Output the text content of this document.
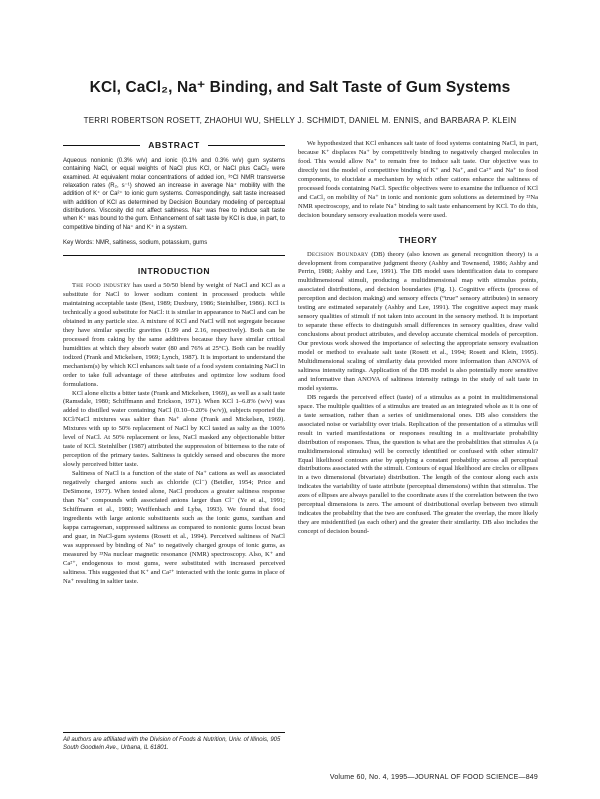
KCl, CaCl₂, Na⁺ Binding, and Salt Taste of Gum Systems
TERRI ROBERTSON ROSETT, ZHAOHUI WU, SHELLY J. SCHMIDT, DANIEL M. ENNIS, and BARBARA P. KLEIN
ABSTRACT

Aqueous nonionic (0.3% w/v) and ionic (0.1% and 0.3% w/v) gum systems containing NaCl, or equal weights of NaCl plus KCl, or NaCl plus CaCl₂ were examined. At equivalent molar concentrations of added ion, ³⁵Cl NMR transverse relaxation rates (R₂, s⁻¹) showed an increase in average Na⁺ mobility with the addition of K⁺ or Ca²⁺ to ionic gum systems. Correspondingly, salt taste increased with addition of KCl as determined by Decision Boundary modeling of perceptual distributions. Viscosity did not affect saltiness. Na⁺ was free to induce salt taste when K⁺ was bound to the gum. Enhancement of salt taste by KCl is due, in part, to competitive binding of Na⁺ and K⁺ in a system.

Key Words: NMR, saltiness, sodium, potassium, gums

INTRODUCTION

The food industry has used a 50/50 blend by weight of NaCl and KCl as a substitute for NaCl to lower sodium content in processed products while maintaining acceptable taste (Best, 1989; Duxbury, 1986; Steinhilber, 1986). KCl is technically a good substitute for NaCl: it is similar in appearance to NaCl and can be obtained in any particle size. A mixture of KCl and NaCl will not segregate because they have similar specific gravities (1.99 and 2.16, respectively). Both can be processed from caking by the same additives because they have similar critical humidities at which they absorb water (80 and 76% at 25°C). Both can be readily iodized (Frank and Mickelsen, 1969; Lynch, 1987). It is important to understand the mechanism(s) by which KCl enhances salt taste of a food system containing NaCl in order to take full advantage of these attributes and optimize low sodium food formulations.

KCl alone elicits a bitter taste (Frank and Mickelsen, 1969), as well as a salt taste (Ramsdale, 1980; Schiffmann and Erickson, 1971). When KCl 1–6.8% (w/v) was added to distilled water containing NaCl (0.10–0.20% (w/v)), subjects reported the KCl/NaCl mixtures was saltier than Na⁺ alone (Frank and Mickelsen, 1969). Mixtures with up to 50% replacement of NaCl by KCl tasted as salty as the 100% level of NaCl. At 50% replacement or less, NaCl masked any objectionable bitter taste of KCl. Steinhilber (1987) attributed the suppression of bitterness to the rate of perception of the primary tastes. Saltiness is quickly sensed and obscures the more slowly perceived bitter taste.

Saltiness of NaCl is a function of the state of Na⁺ cations as well as associated negatively charged anions such as chloride (Cl⁻) (Beidler, 1954; Price and DeSimone, 1977). When tested alone, NaCl produces a greater saltiness response than Na⁺ compounds with associated anions larger than Cl⁻ (Ye et al., 1991; Schiffmann et al., 1980; Weiffenbach and Lyba, 1993). We found that food ingredients with large anionic substituents such as the ionic gums, xanthan and kappa carrageenan, suppressed saltiness as compared to nonionic gums locust bean and guar, in NaCl-gum systems (Rosett et al., 1994). Perceived saltiness of NaCl was suppressed by binding of Na⁺ to negatively charged groups of ionic gums, as measured by ²³Na nuclear magnetic resonance (NMR) spectroscopy. Also, K⁺ and Ca²⁺, endogenous to most gums, were substituted with increased perceived saltiness. This suggested that K⁺ and Ca²⁺ interacted with the ionic gums in place of Na⁺ resulting in saltier taste.

All authors are affiliated with the Division of Foods & Nutrition, Univ. of Illinois, 905 South Goodwin Ave., Urbana, IL 61801.

We hypothesized that KCl enhances salt taste of food systems containing NaCl, in part, because K⁺ displaces Na⁺ by competitively binding to negatively charged molecules in food. This would allow Na⁺ to remain free to induce salt taste. Our objective was to directly test the model of competitive binding of K⁺ and Na⁺, and Ca²⁺ and Na⁺ to food components, to elucidate a mechanism by which other cations enhance the saltiness of processed foods containing NaCl. Specific objectives were to examine the influence of KCl and CaCl₂ on mobility of Na⁺ in ionic and nonionic gum solutions as determined by ²³Na NMR spectroscopy, and to relate Na⁺ binding to salt taste enhancement by KCl. To do this, decision boundary sensory evaluation models were used.

THEORY

Decision Boundary (DB) theory (also known as general recognition theory) is a development from comparative judgment theory (Ashby and Townsend, 1986; Ashby and Perrin, 1988; Ashby and Lee, 1991). The DB model uses identification data to compare multidimensional stimuli, producing a multidimensional map with stimulus points, associated distributions, and decision boundaries (Fig. 1). Cognitive effects (process of perception and decision making) and sensory effects (“true” sensory attributes) in sensory testing are estimated separately (Ashby and Lee, 1991). The cognitive aspect may mask sensory qualities of stimuli if not taken into account in the sensory method. It is important to separate these effects to distinguish small differences in sensory qualities, draw valid conclusions about product attributes, and develop accurate chemical models of perception. Our previous work showed the importance of selecting the appropriate sensory evaluation model or method to evaluate salt taste (Rosett et al., 1994; Rosett and Klein, 1995). Multidimensional scaling of similarity data provided more information than ANOVA of saltiness intensity ratings. Application of the DB model is also potentially more sensitive and informative than ANOVA of saltiness intensity ratings in the study of salt taste in model systems.

DB regards the perceived effect (taste) of a stimulus as a point in multidimensional space. The multiple qualities of a stimulus are treated as an integrated whole as it is one of a taste sensation, rather than a series of unidimensional ones. DB also considers the associated noise or variability over trials. Replication of the presentation of a stimulus will result in varied manifestations or responses resulting in a multivariate probability distribution of responses. Thus, the question is what are the probabilities that stimulus A (a multidimensional stimulus) will be correctly identified or confused with other stimuli? Equal likelihood contours arise by applying a constant probability across all perceptual distributions associated with the stimuli. Contours of equal likelihood are circles or ellipses in a two dimensional (bivariate) distribution. The length of the contour along each axis indicates the variability of taste attribute (perceptual dimensions) within that stimulus. The axes of ellipses are always parallel to the coordinate axes if the correlation between the two perceptual dimensions is zero. The amount of distributional overlap between two stimuli indicates the probability that the two are confused. The greater the overlap, the more likely they are misidentified (as each other) and the greater their similarity. DB also includes the concept of decision bound-

Volume 60, No. 4, 1995—JOURNAL OF FOOD SCIENCE—849
